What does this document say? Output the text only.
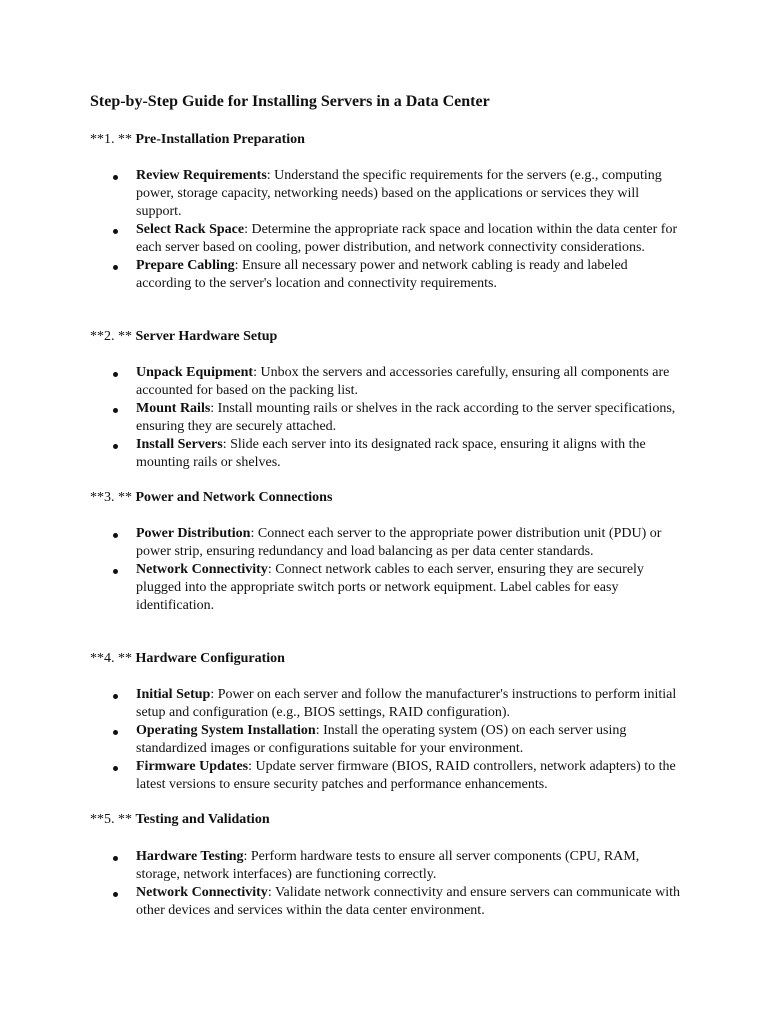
Step-by-Step Guide for Installing Servers in a Data Center

**1. ** Pre-Installation Preparation

Review Requirements: Understand the specific requirements for the servers (e.g., computing power, storage capacity, networking needs) based on the applications or services they will support.
Select Rack Space: Determine the appropriate rack space and location within the data center for each server based on cooling, power distribution, and network connectivity considerations.
Prepare Cabling: Ensure all necessary power and network cabling is ready and labeled according to the server's location and connectivity requirements.

**2. ** Server Hardware Setup

Unpack Equipment: Unbox the servers and accessories carefully, ensuring all components are accounted for based on the packing list.
Mount Rails: Install mounting rails or shelves in the rack according to the server specifications, ensuring they are securely attached.
Install Servers: Slide each server into its designated rack space, ensuring it aligns with the mounting rails or shelves.

**3. ** Power and Network Connections

Power Distribution: Connect each server to the appropriate power distribution unit (PDU) or power strip, ensuring redundancy and load balancing as per data center standards.
Network Connectivity: Connect network cables to each server, ensuring they are securely plugged into the appropriate switch ports or network equipment. Label cables for easy identification.

**4. ** Hardware Configuration

Initial Setup: Power on each server and follow the manufacturer's instructions to perform initial setup and configuration (e.g., BIOS settings, RAID configuration).
Operating System Installation: Install the operating system (OS) on each server using standardized images or configurations suitable for your environment.
Firmware Updates: Update server firmware (BIOS, RAID controllers, network adapters) to the latest versions to ensure security patches and performance enhancements.

**5. ** Testing and Validation

Hardware Testing: Perform hardware tests to ensure all server components (CPU, RAM, storage, network interfaces) are functioning correctly.
Network Connectivity: Validate network connectivity and ensure servers can communicate with other devices and services within the data center environment.
